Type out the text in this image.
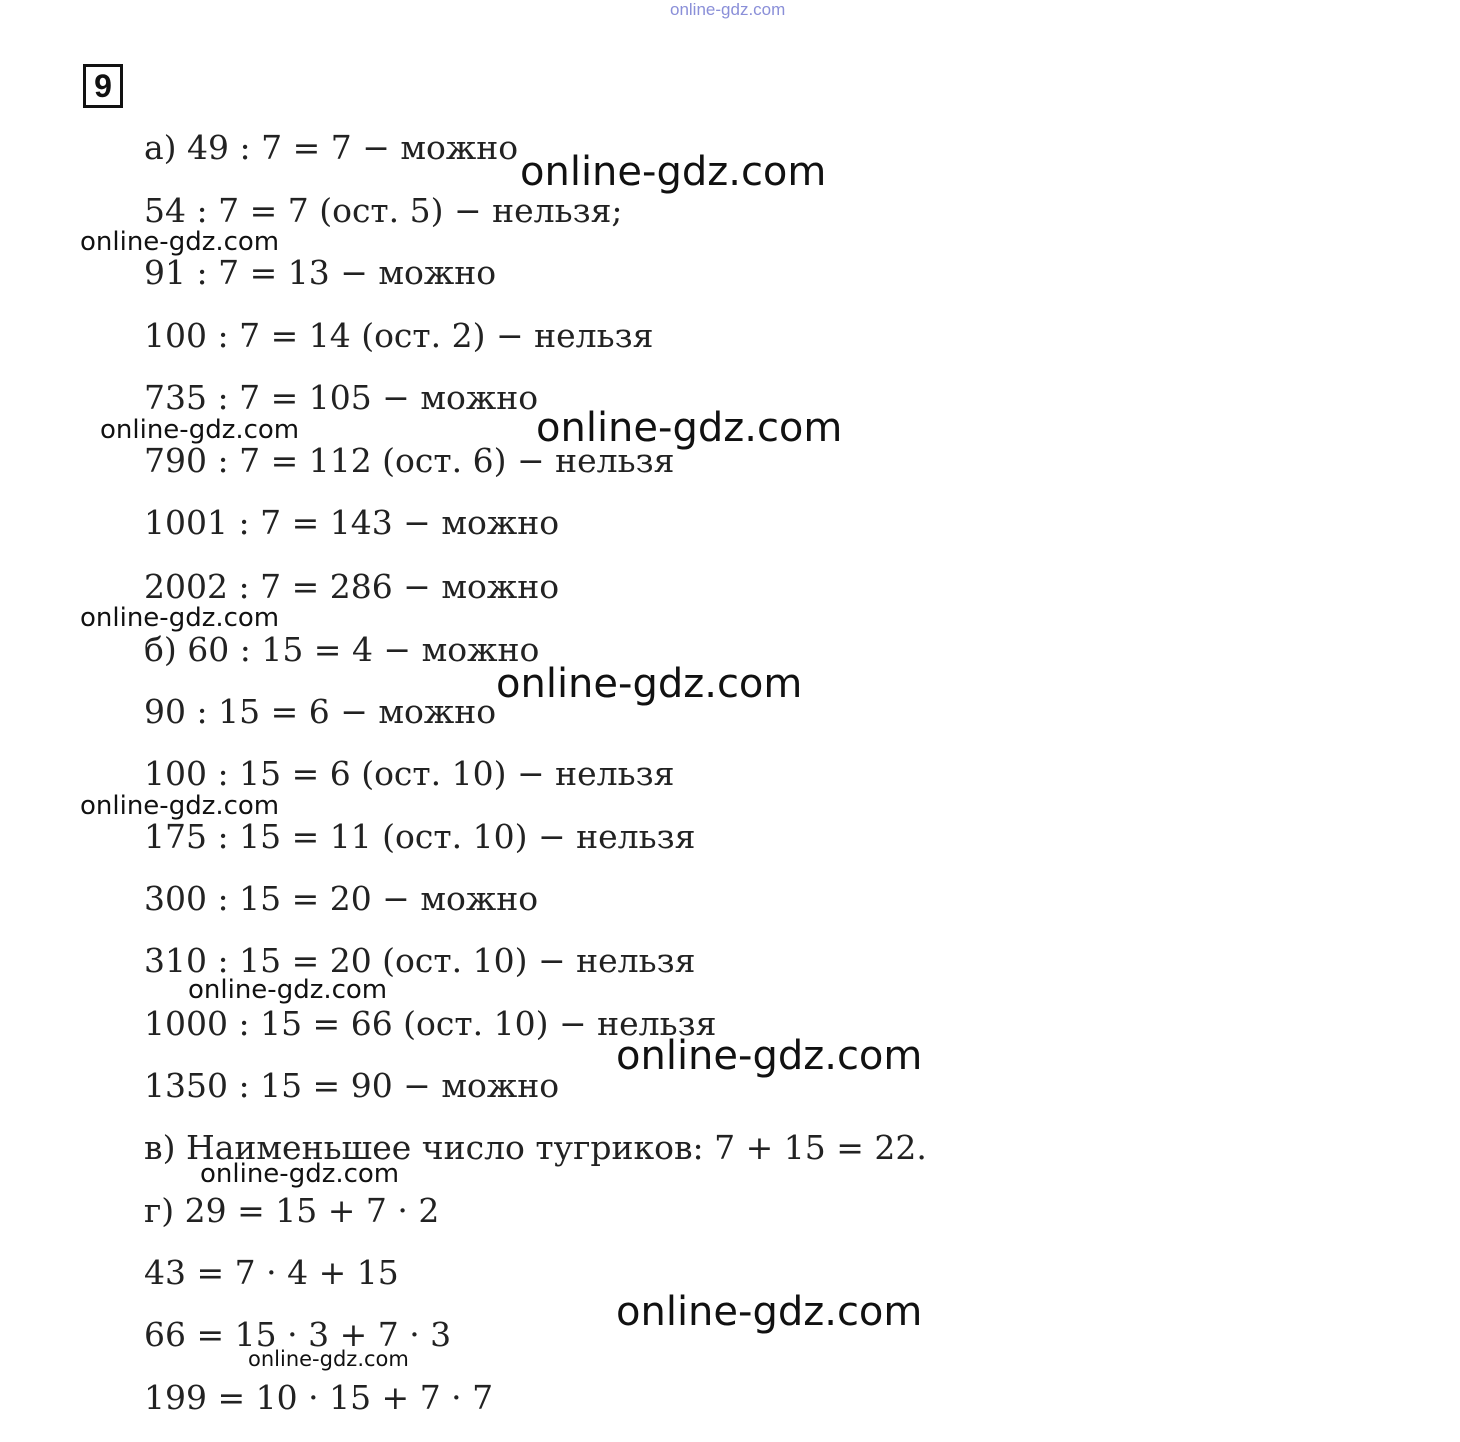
online-gdz.com
9
а) 49 : 7 = 7 − можно
54 : 7 = 7 (ост. 5) − нельзя;
91 : 7 = 13 − можно
100 : 7 = 14 (ост. 2) − нельзя
735 : 7 = 105 − можно
790 : 7 = 112 (ост. 6) − нельзя
1001 : 7 = 143 − можно
2002 : 7 = 286 − можно
б) 60 : 15 = 4 − можно
90 : 15 = 6 − можно
100 : 15 = 6 (ост. 10) − нельзя
175 : 15 = 11 (ост. 10) − нельзя
300 : 15 = 20 − можно
310 : 15 = 20 (ост. 10) − нельзя
1000 : 15 = 66 (ост. 10) − нельзя
1350 : 15 = 90 − можно
в) Наименьшее число тугриков: 7 + 15 = 22.
г) 29 = 15 + 7 · 2
43 = 7 · 4 + 15
66 = 15 · 3 + 7 · 3
199 = 10 · 15 + 7 · 7
online-gdz.com
online-gdz.com
online-gdz.com
online-gdz.com
online-gdz.com
online-gdz.com
online-gdz.com
online-gdz.com
online-gdz.com
online-gdz.com
online-gdz.com
online-gdz.com
